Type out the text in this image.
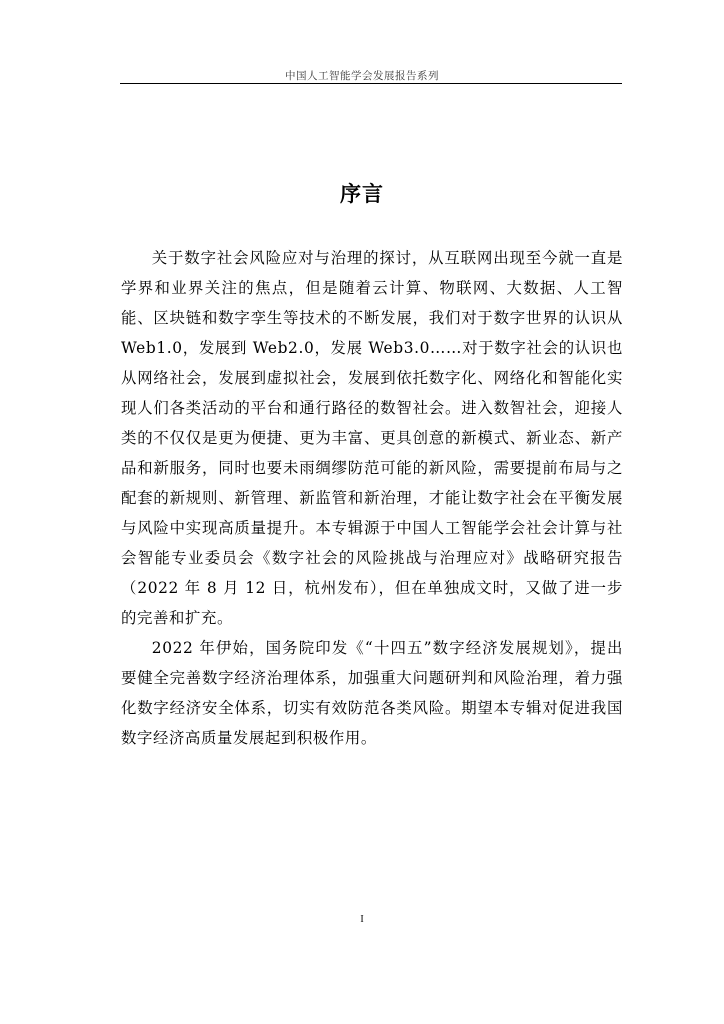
中国人工智能学会发展报告系列
序言

关于数字社会风险应对与治理的探讨，从互联网出现至今就一直是学界和业界关注的焦点，但是随着云计算、物联网、大数据、人工智能、区块链和数字孪生等技术的不断发展，我们对于数字世界的认识从 Web1.0，发展到 Web2.0，发展 Web3.0……对于数字社会的认识也从网络社会，发展到虚拟社会，发展到依托数字化、网络化和智能化实现人们各类活动的平台和通行路径的数智社会。进入数智社会，迎接人类的不仅仅是更为便捷、更为丰富、更具创意的新模式、新业态、新产品和新服务，同时也要未雨绸缪防范可能的新风险，需要提前布局与之配套的新规则、新管理、新监管和新治理，才能让数字社会在平衡发展与风险中实现高质量提升。本专辑源于中国人工智能学会社会计算与社会智能专业委员会《数字社会的风险挑战与治理应对》战略研究报告（2022 年 8 月 12 日，杭州发布），但在单独成文时，又做了进一步的完善和扩充。

2022 年伊始，国务院印发《“十四五”数字经济发展规划》，提出要健全完善数字经济治理体系，加强重大问题研判和风险治理，着力强化数字经济安全体系，切实有效防范各类风险。期望本专辑对促进我国数字经济高质量发展起到积极作用。

I
